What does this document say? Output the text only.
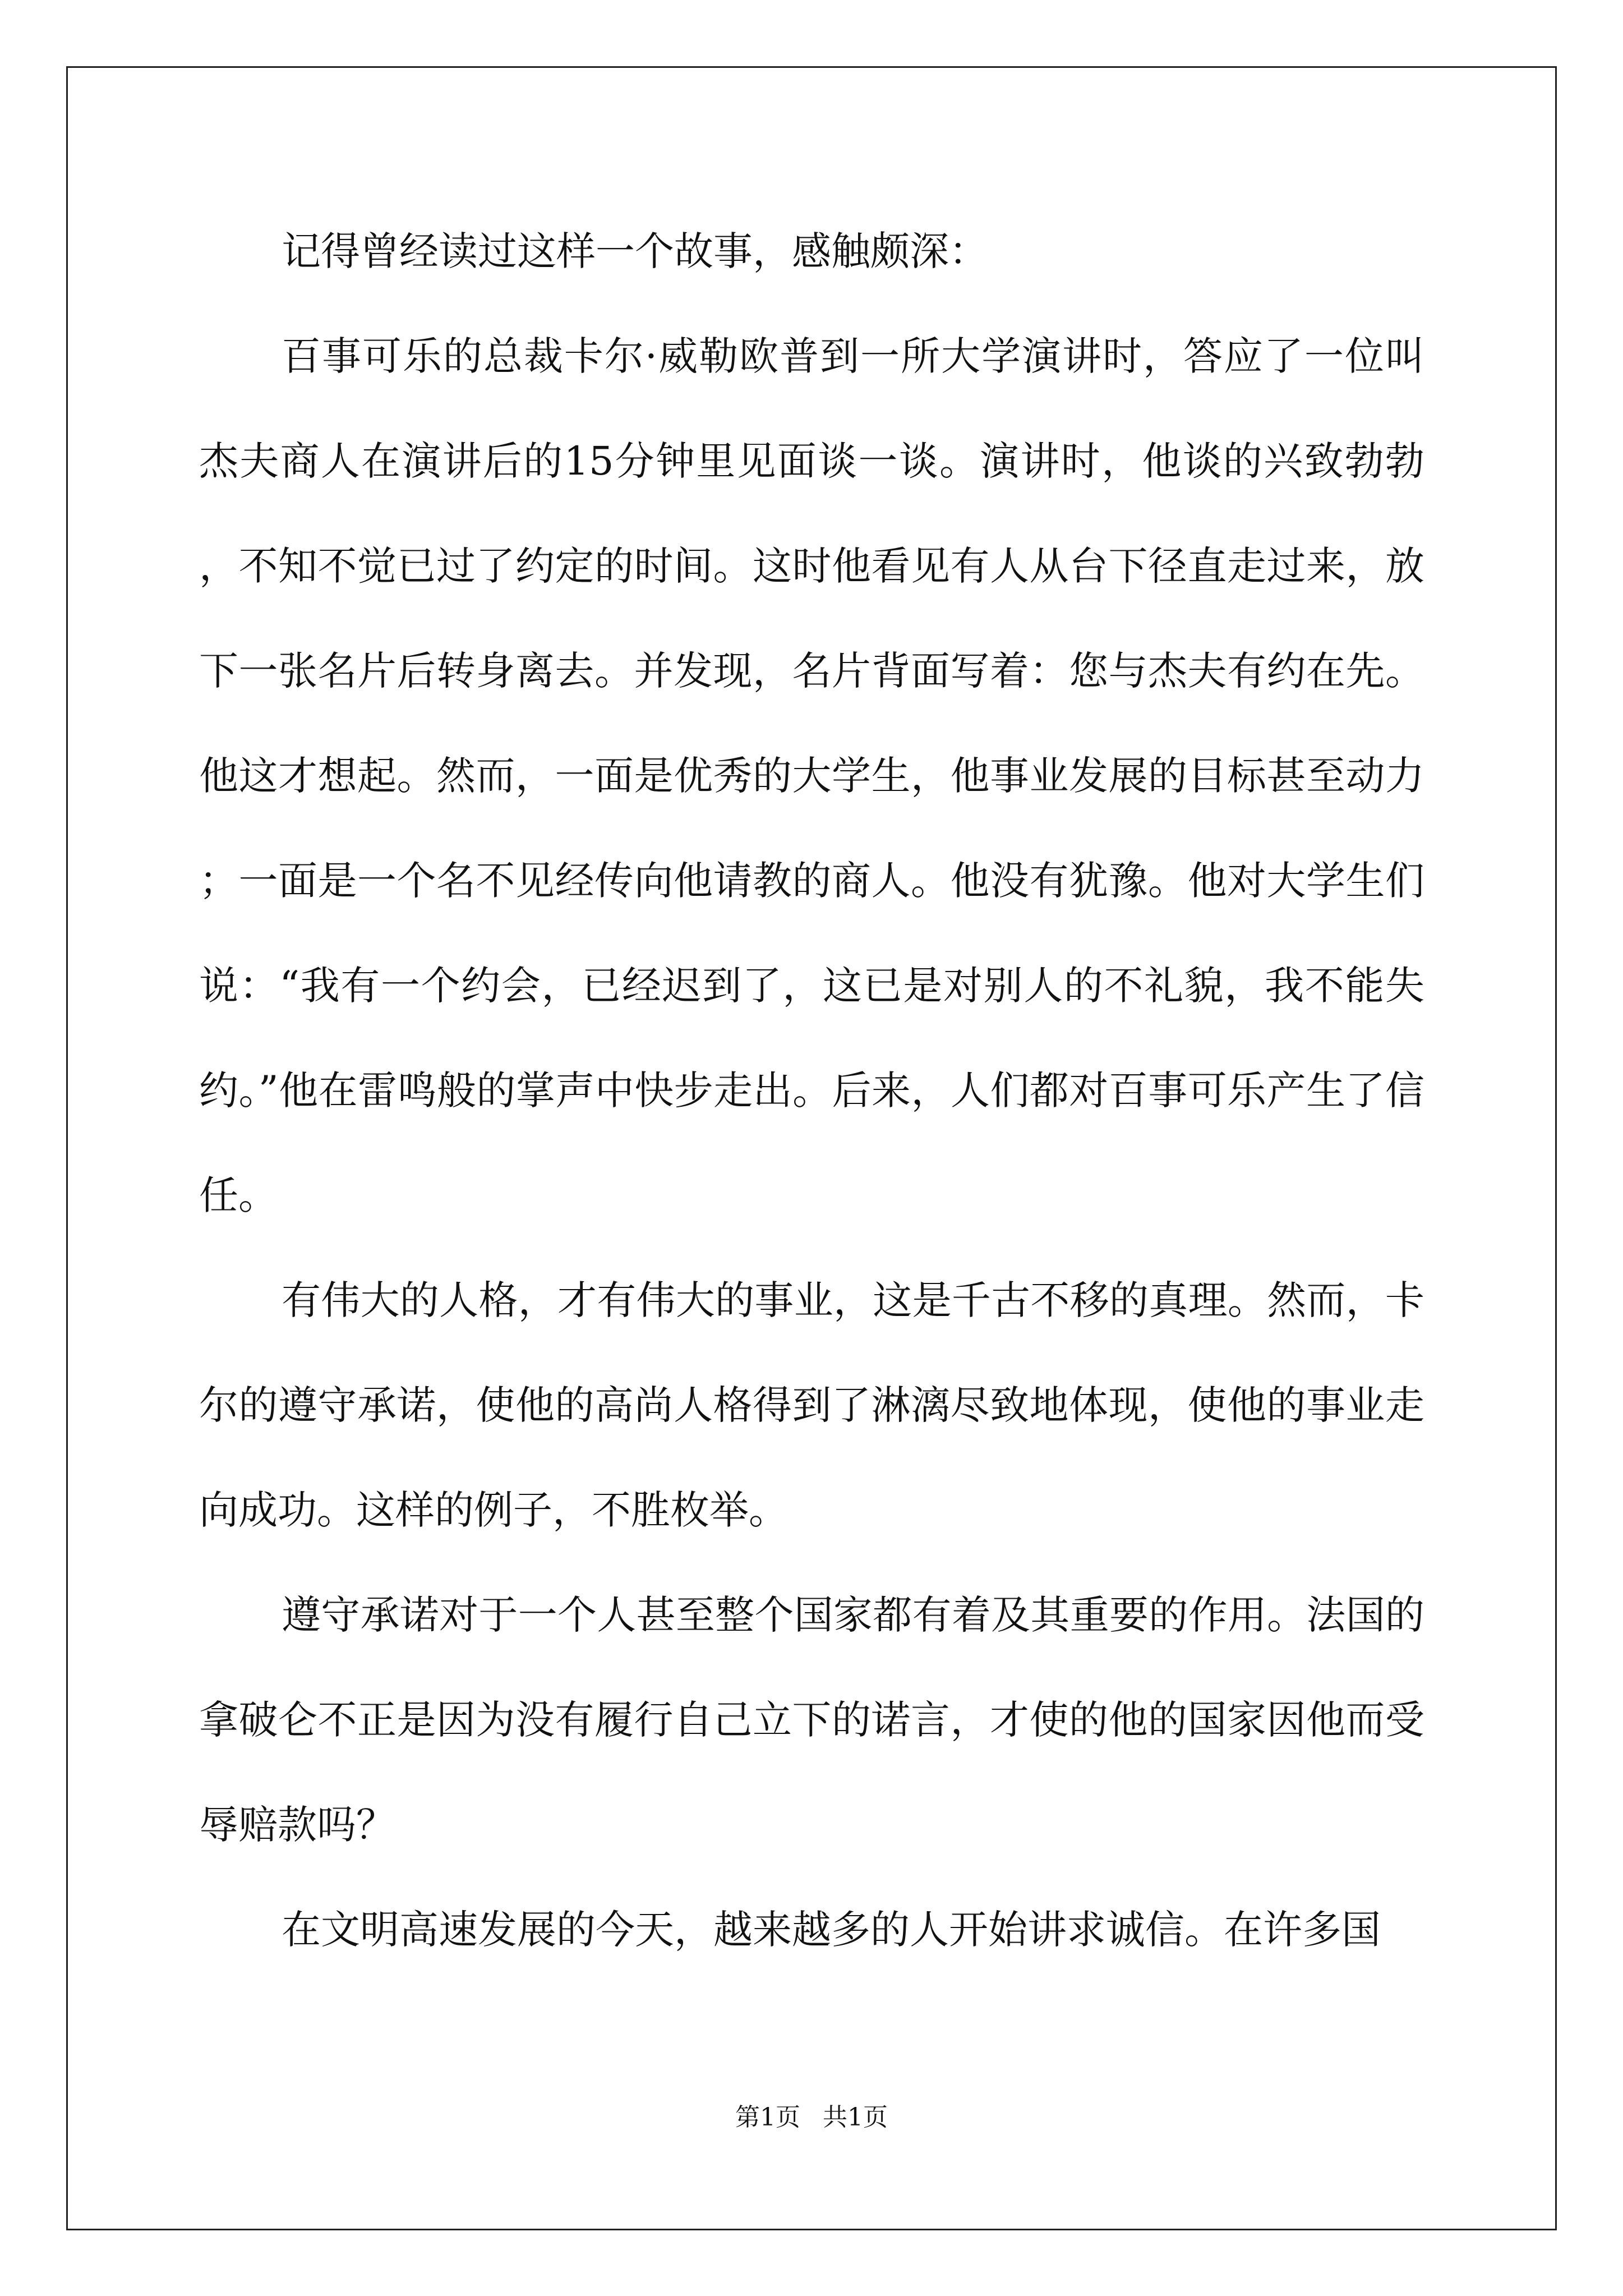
记得曾经读过这样一个故事，感触颇深：

百事可乐的总裁卡尔·威勒欧普到一所大学演讲时，答应了一位叫杰夫商人在演讲后的15分钟里见面谈一谈。演讲时，他谈的兴致勃勃，不知不觉已过了约定的时间。这时他看见有人从台下径直走过来，放下一张名片后转身离去。并发现，名片背面写着：您与杰夫有约在先。他这才想起。然而，一面是优秀的大学生，他事业发展的目标甚至动力；一面是一个名不见经传向他请教的商人。他没有犹豫。他对大学生们说：“我有一个约会，已经迟到了，这已是对别人的不礼貌，我不能失约。”他在雷鸣般的掌声中快步走出。后来，人们都对百事可乐产生了信任。

有伟大的人格，才有伟大的事业，这是千古不移的真理。然而，卡尔的遵守承诺，使他的高尚人格得到了淋漓尽致地体现，使他的事业走向成功。这样的例子，不胜枚举。

遵守承诺对于一个人甚至整个国家都有着及其重要的作用。法国的拿破仑不正是因为没有履行自己立下的诺言，才使的他的国家因他而受辱赔款吗？

在文明高速发展的今天，越来越多的人开始讲求诚信。在许多国

第1页 共1页
